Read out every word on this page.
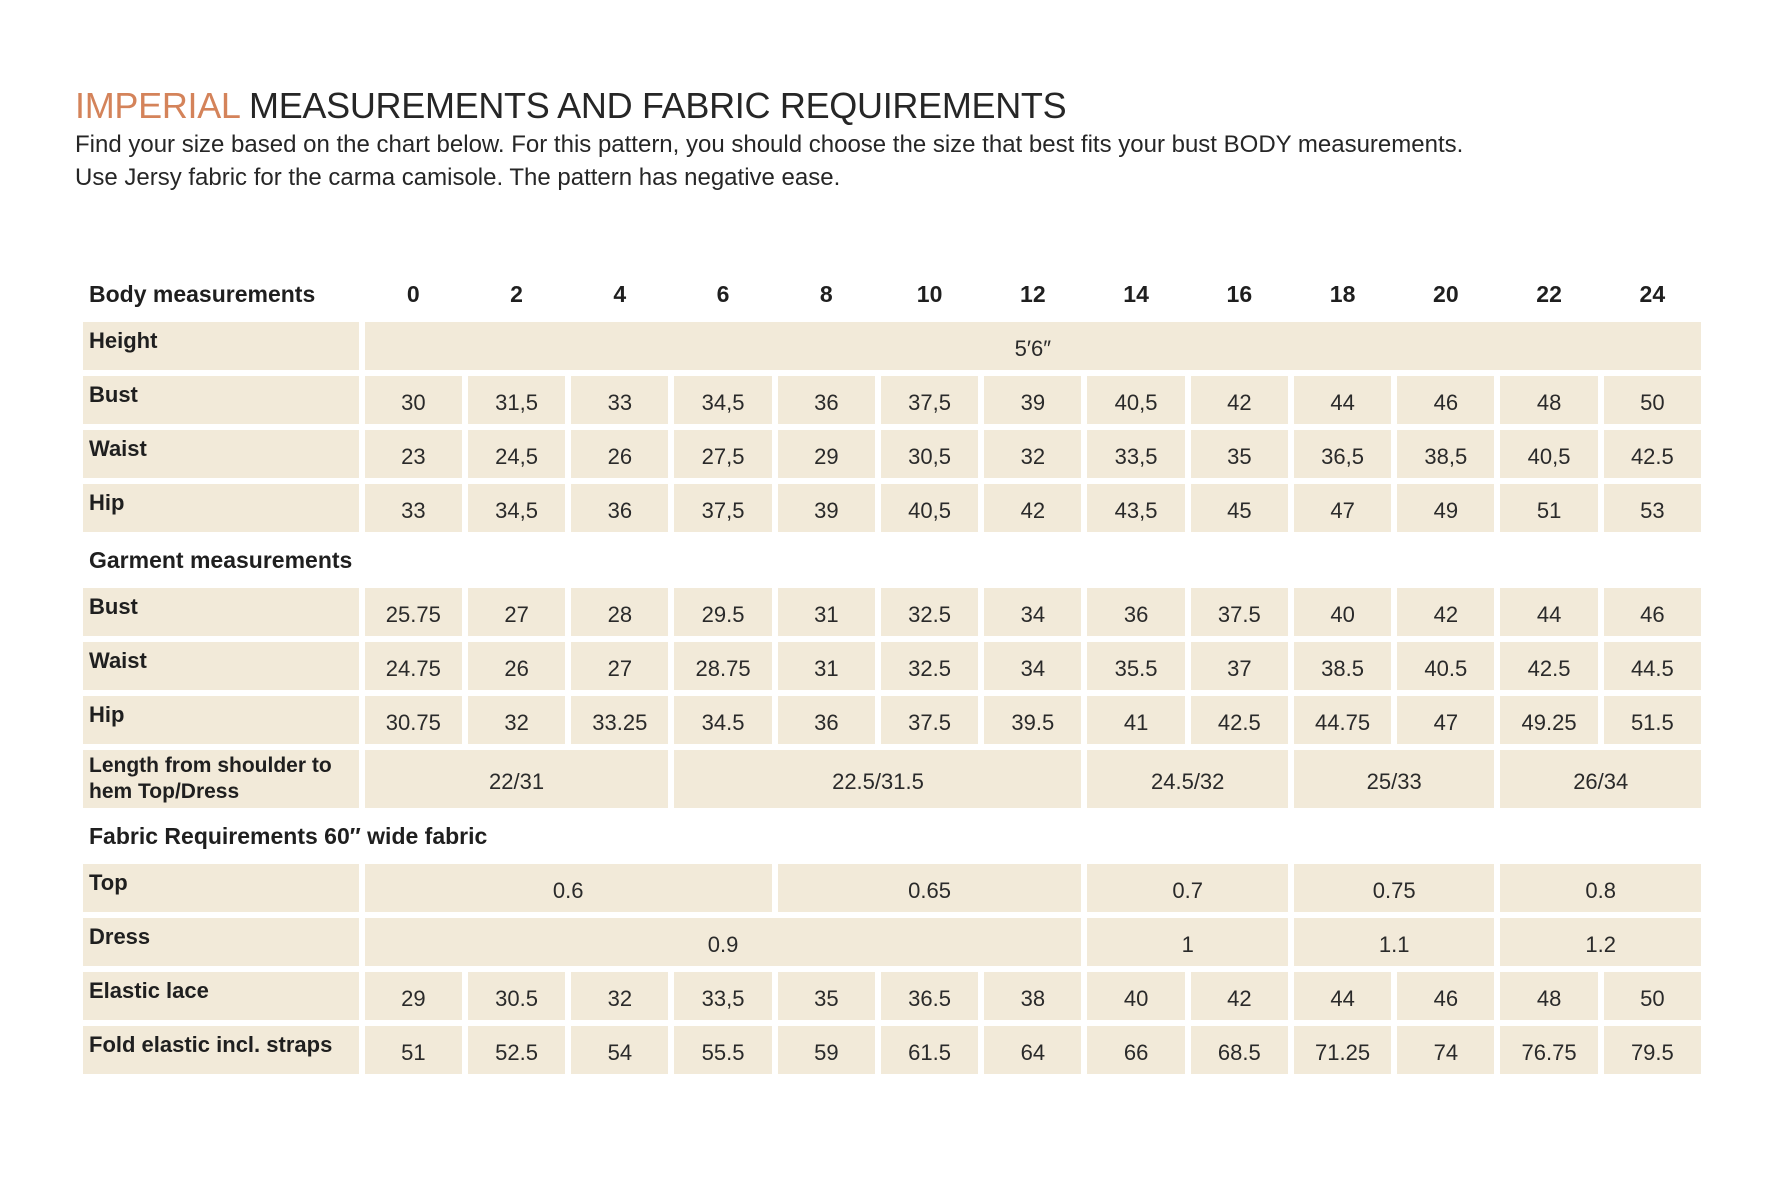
IMPERIAL MEASUREMENTS AND FABRIC REQUIREMENTS
Find your size based on the chart below. For this pattern, you should choose the size that best fits your bust BODY measurements.
Use Jersy fabric for the carma camisole. The pattern has negative ease.
Body measurements	0	2	4	6	8	10	12	14	16	18	20	22	24
Height	5′6″												
Bust	30	31,5	33	34,5	36	37,5	39	40,5	42	44	46	48	50
Waist	23	24,5	26	27,5	29	30,5	32	33,5	35	36,5	38,5	40,5	42.5
Hip	33	34,5	36	37,5	39	40,5	42	43,5	45	47	49	51	53
Garment measurements													
Bust	25.75	27	28	29.5	31	32.5	34	36	37.5	40	42	44	46
Waist	24.75	26	27	28.75	31	32.5	34	35.5	37	38.5	40.5	42.5	44.5
Hip	30.75	32	33.25	34.5	36	37.5	39.5	41	42.5	44.75	47	49.25	51.5
Length from shoulder to hem Top/Dress	22/31			22.5/31.5				24.5/32		25/33		26/34	
Fabric Requirements 60″ wide fabric													
Top	0.6				0.65			0.7		0.75		0.8	
Dress	0.9							1		1.1		1.2	
Elastic lace	29	30.5	32	33,5	35	36.5	38	40	42	44	46	48	50
Fold elastic incl. straps	51	52.5	54	55.5	59	61.5	64	66	68.5	71.25	74	76.75	79.5
